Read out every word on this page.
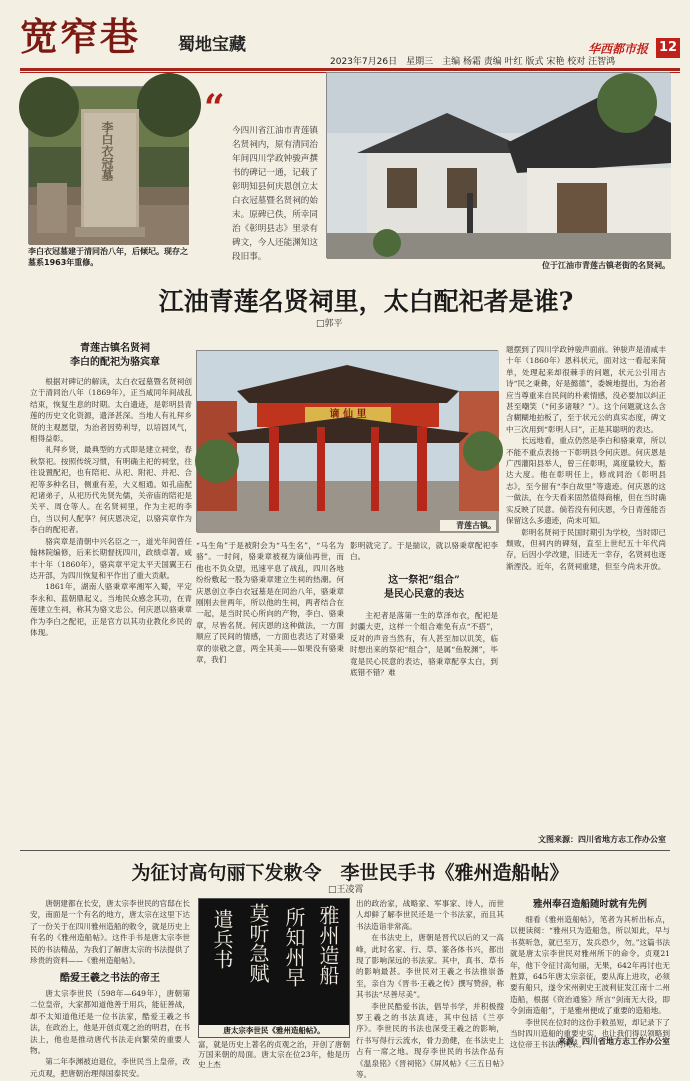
宽窄巷 蜀地宝藏
2023年7月26日　星期三　主编 杨霜 责编 叶红 版式 宋艳 校对 汪智鸿
华西都市报 12
李白衣冠墓
李白衣冠墓建于清同治八年，后倾圮。现存之墓系1963年重修。
“
今四川省江油市青莲镇名贤祠内，原有清同治年间四川学政钟骏声撰书的碑记一通，记载了彰明知县何庆恩创立太白衣冠墓暨名贤祠的始末。原碑已佚，所幸同治《彰明县志》里录有碑文，今人还能渊知这段旧事。
位于江油市青莲古镇老街的名贤祠。
江油青莲名贤祠里，太白配祀者是谁?
□郭平
青莲古镇名贤祠
李白的配祀为骆宾章

根据对碑记的解读，太白衣冠墓暨名贤祠创立于清同治八年（1869年），正当咸同年间战乱结束，恢复生息的时期。太白遗迹，是彰明县青莲的历史文化资源，遗泽甚深。当地人有礼拜乡贤的主观愿望，为治者因势利导，以培固风气，相得益彰。

礼拜乡贤，最典型的方式即是建立祠堂，春秋祭祀。按照传统习惯，有明确主祀的祠堂，往往设置配祀，也有陪祀、从祀、附祀、并祀、合祀等多种名目，侧重有差，大义相通。如孔庙配祀诸弟子，从祀历代先贤先儒，关帝庙的陪祀是关平、周仓等人。在名贤祠里，作为主祀的李白，当以何人配享？何庆恩决定，以骆宾章作为李白的配祀者。

骆宾章是清朝中兴名臣之一，道光年间曾任翰林院编修，后来长期督抚四川，政绩卓著。咸丰十年（1860年），骆宾章平定太平天国翼王石达开部，为四川恢复和平作出了重大贡献。

1861年，湖南人骆秉章率湘军入蜀，平定李永和、蓝朝鼎起义。当地民众感念其功，在青莲建立生祠，称其为骆文忠公。何庆恩以骆秉章作为李白之配祀，正是官方以其功业教化乡民的体现。

谪 仙 里
青莲古镇。

“马生角”于是被附会为“马生名”，“马名为骆”。一时间，骆秉章被视为谪仙再世，而他也不负众望，迅速平息了战乱，四川各地纷纷敷起一股为骆秉章建立生祠的热潮。何庆恩创立李白衣冠墓是在同治八年，骆秉章刚刚去世两年，所以他的生祠，两者结合在一起，是当时民心所向的产物，李白、骆秉章，尽皆名贤。何庆恩的这种做法，一方面顺应了民间的情感，一方面也表达了对骆秉章的崇敬之意，两全其美——如果没有骆秉章，我们

影明就完了。于是揣议，就以骆秉章配祀李白。
这一祭祀“组合”
是民心民意的表达
主祀者是落第一生的草泽布衣，配祀是封疆大吏，这样一个组合难免有点“不搭”，反对的声音当然有，有人甚至加以讥笑，临时想出来的祭祀“组合”，是属“鱼脱渊”，毕竟是民心民意的表达，骆秉章配享太白，到底错不错？难

题摆到了四川学政钟骏声面前。钟骏声是清咸丰十年（1860年）恩科状元，面对这一看起来简单，处理起来却很棘手的问题，状元公引用古诗“民之秉彝，好是懿德”，委婉地提出，为治者应当尊重来自民间的朴素情感，没必要加以纠正甚至嘲笑（“何多诸嗤？”）。这个问题就这么含含糊糊地拍板了，至于状元公的真实态度，碑文中三次用到“彰明人曰”，正是其聪明的表达。

长远地看，重点仍然是李白和骆秉章，所以不能不重点表扬一下彰明县令何庆恩。何庆恩是广西灌阳县举人，曾三任彰明，离度量较大，豁达大度。他在彰明任上，修成同治《彰明县志》，至今留有“李白故里”等遗迹。何庆恩的这一做法，在今天看来固然值得商榷，但在当时确实反映了民意。倘若没有何庆恩，今日青莲能否保留这么多遗迹，尚未可知。

彰明名贤祠于民国时期引为学校，当时即已颓败，但祠内的碑刻，直至上世纪五十年代尚存，后因小学改建，旧迹无一幸存，名贤祠也逐渐湮没。近年，名贤祠重建，但至今尚未开放。

文图来源：四川省地方志工作办公室
为征讨高句丽下发敕令　李世民手书《雅州造船帖》
□王凌霄
唐朝建都在长安，唐太宗李世民的官邸在长安，南面是一个有名的地方，唐太宗在这里下达了一份关于在四川雅州造船的敕令，就是历史上有名的《雅州造船帖》。这件手书是唐太宗李世民的书法精品，为我们了解唐太宗的书法提供了珍贵的资料——《雅州造船帖》。
酷爱王羲之书法的帝王

唐太宗李世民（598年—649年），唐朝第二位皇帝，大家都知道他善于用兵，能征善战，却不太知道他还是一位书法家，酷爱王羲之书法，在政治上，他是开创贞观之治的明君，在书法上，他也是推动唐代书法走向繁荣的重要人物。

第二年李渊被迫退位，李世民当上皇帝，改元贞观，把唐朝治理得国泰民安。

雅州造船
所知州早
莫听急赋
遣兵书
唐太宗李世民《雅州造船帖》。
富，就是历史上著名的贞观之治，开创了唐朝万国来朝的局面。唐太宗在位23年，他是历史上杰

出的政治家，战略家、军事家、诗人，而世人却鲜了解李世民还是一个书法家，而且其书法造诣非常高。

在书法史上，唐朝是晋代以后的又一高峰，此时名家、行、草、篆各体书兴，都出现了影响深远的书法家。其中，真书、草书的影响最甚。李世民对王羲之书法推崇备至，亲自为《晋书·王羲之传》撰写赞辞，称其书法“尽善尽美”。

李世民酷爱书法，倡导书学，并积极搜罗王羲之的书法真迹，其中包括《兰亭序》。李世民的书法也深受王羲之的影响，行书写得行云流水，骨力劲健，在书法史上占有一席之地。现存李世民的书法作品有《温泉铭》《晋祠铭》《屏风帖》《三五日帖》等。

雅州奉召造船随时就有先例

细看《雅州造船帖》，笔者为其析出标点，以便读阅：“雅州只为造船急，所以知此，早与书莫听急，就已至万，发兵恐少，勿。”这篇书法就是唐太宗李世民对雅州所下的命令。贞观21年，他下令征讨高句丽，无果，642年再讨也无胜算，645年唐太宗亲征，要从海上进攻，必须要有船只，遂令宋州刺史王波利征发江南十二州造船，根据《资治通鉴》所言“剑南无大役，即令剑南造船”，于是雅州便成了重要的造船地。

李世民在位时的这份手敕虽短，却记录下了当时四川造船的重要史实，也让我们得以领略到这位帝王书法的风采。

来源：四川省地方志工作办公室
